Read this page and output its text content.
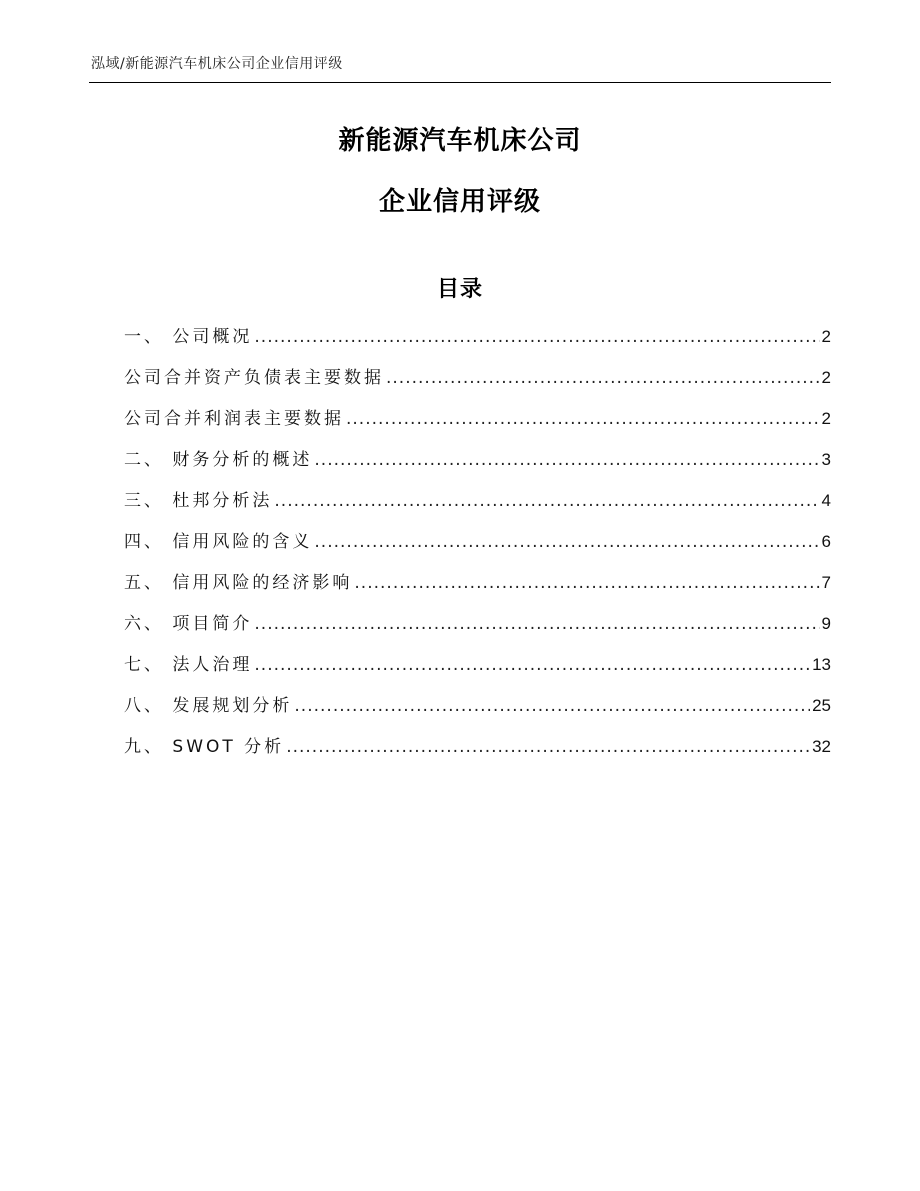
泓域/新能源汽车机床公司企业信用评级
新能源汽车机床公司
企业信用评级
目录
一、 公司概况 .....	2
公司合并资产负债表主要数据 .....	2
公司合并利润表主要数据 .....	2
二、 财务分析的概述 .....	3
三、 杜邦分析法 .....	4
四、 信用风险的含义 .....	6
五、 信用风险的经济影响 .....	7
六、 项目简介 .....	9
七、 法人治理 .....	13
八、 发展规划分析 .....	25
九、 SWOT 分析 .....	32
